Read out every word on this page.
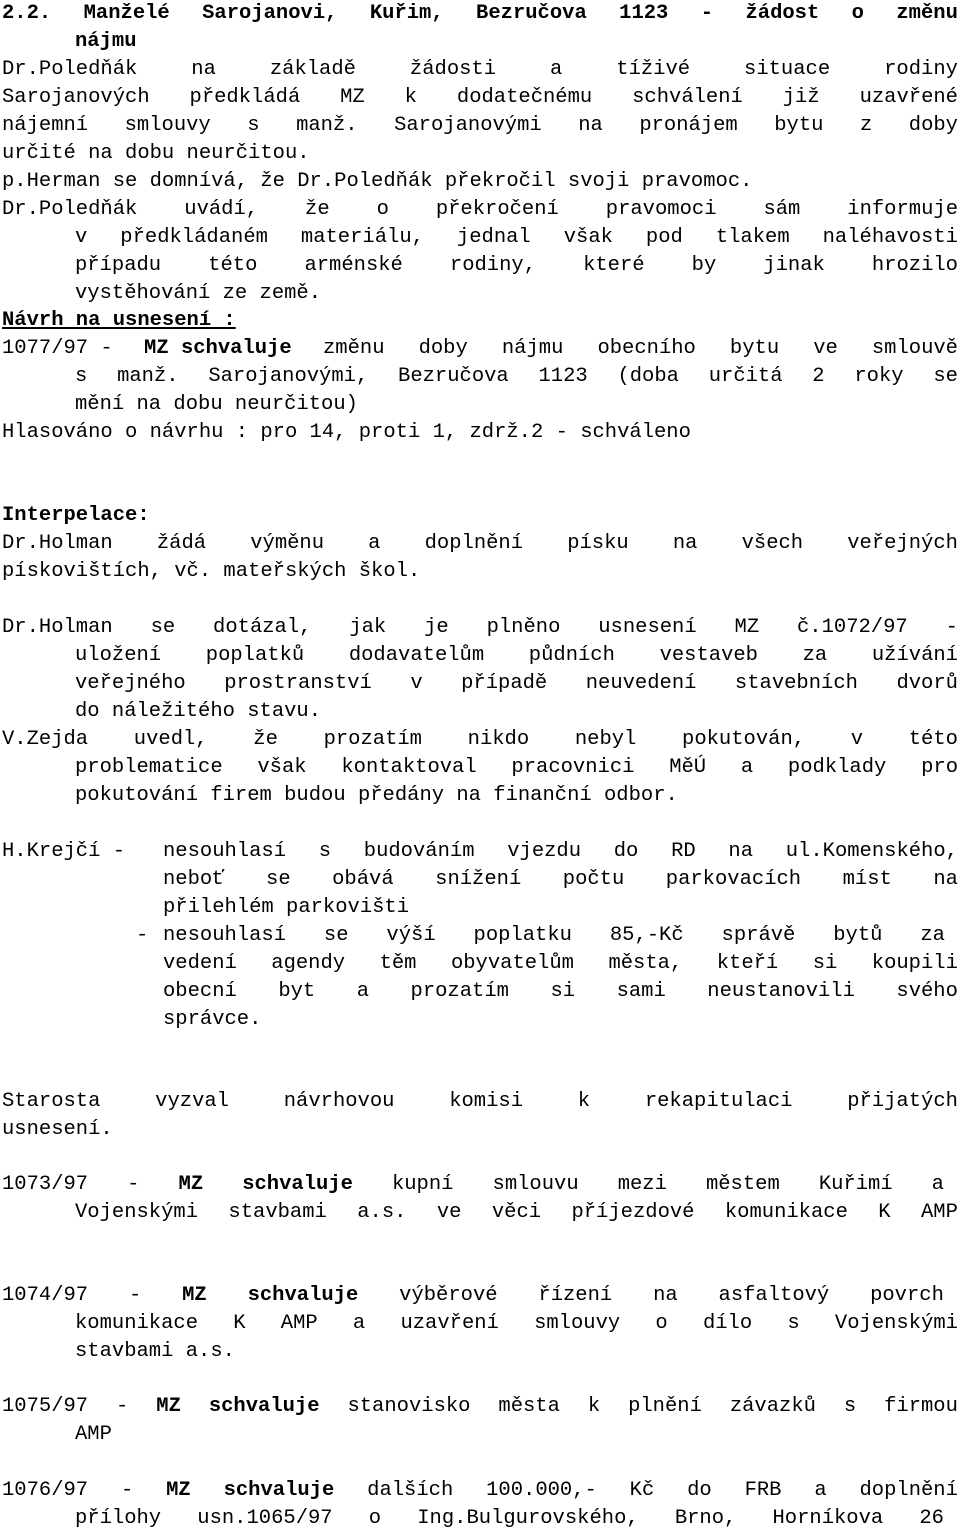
2.2. Manželé Sarojanovi, Kuřim, Bezručova 1123 - žádost o změnu
nájmu
Dr.Poledňák	na	základě	žádosti	a	tíživé	situace	rodiny
Sarojanových předkládá MZ k dodatečnému schválení již uzavřené
nájemní smlouvy s manž. Sarojanovými na pronájem bytu z doby
určité na dobu neurčitou.
p.Herman se domnívá, že Dr.Poledňák překročil svoji pravomoc.
Dr.Poledňák uvádí, že o překročení pravomoci sám informuje
v předkládaném materiálu, jednal však pod tlakem naléhavosti
případu této arménské rodiny, které by jinak hrozilo
vystěhování ze země.
Návrh na usnesení :
1077/97 - MZ schvaluje změnu doby nájmu obecního bytu ve smlouvě
s manž. Sarojanovými, Bezručova 1123 (doba určitá 2 roky se
mění na dobu neurčitou)
Hlasováno o návrhu : pro 14, proti 1, zdrž.2 - schváleno
Interpelace:
Dr.Holman žádá výměnu a doplnění písku na všech veřejných
pískovištích, vč. mateřských škol.
Dr.Holman se dotázal, jak je plněno usnesení MZ č.1072/97 -
uložení poplatků dodavatelům půdních vestaveb za užívání
veřejného prostranství v případě neuvedení stavebních dvorů
do náležitého stavu.
V.Zejda uvedl, že prozatím nikdo nebyl pokutován, v této
problematice však kontaktoval pracovnici MěÚ a podklady pro
pokutování firem budou předány na finanční odbor.
H.Krejčí - nesouhlasí s budováním vjezdu do RD na ul.Komenského,
neboť se obává snížení počtu parkovacích míst na
přilehlém parkovišti
- nesouhlasí se výší poplatku 85,-Kč správě bytů za
vedení agendy těm obyvatelům města, kteří si koupili
obecní byt a prozatím si sami neustanovili svého
správce.
Starosta	vyzval	návrhovou	komisi	k	rekapitulaci	přijatých
usnesení.
1073/97 - MZ schvaluje kupní smlouvu mezi městem Kuřimí a
Vojenskými stavbami a.s. ve věci příjezdové komunikace K AMP
1074/97 - MZ schvaluje výběrové řízení na asfaltový povrch
komunikace K AMP a uzavření smlouvy o dílo s Vojenskými
stavbami a.s.
1075/97 - MZ schvaluje stanovisko města k plnění závazků s firmou
AMP
1076/97 - MZ schvaluje dalších 100.000,- Kč do FRB a doplnění
přílohy usn.1065/97 o Ing.Bulgurovského, Brno, Horníkova 26
